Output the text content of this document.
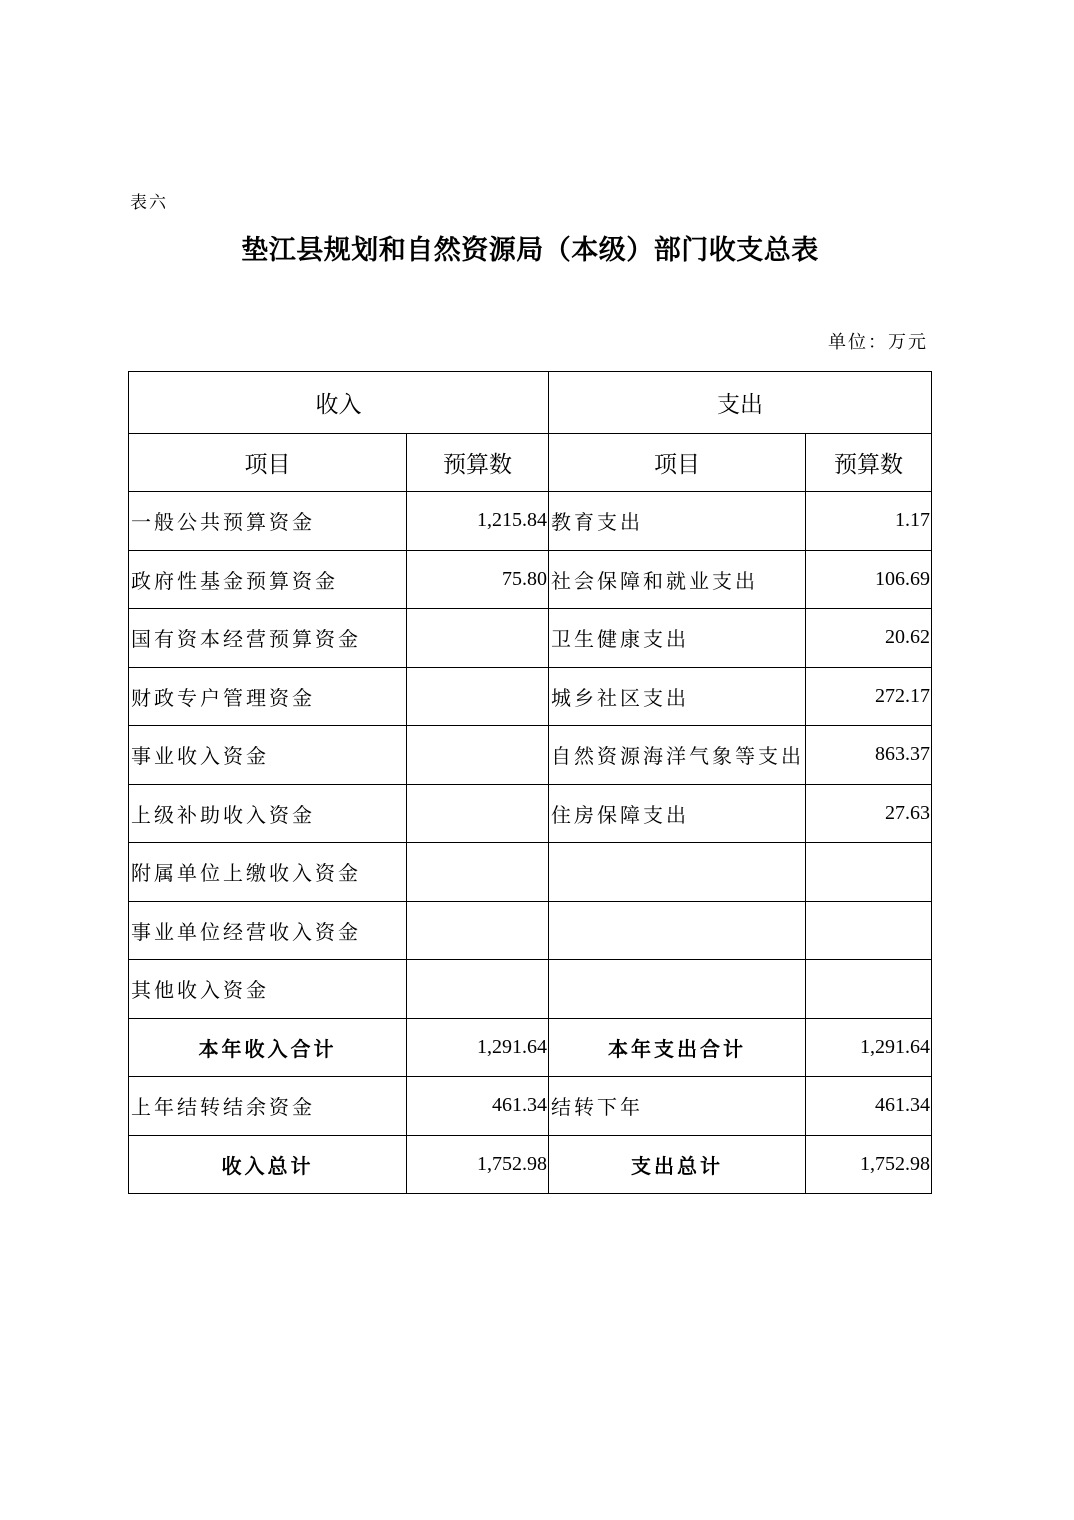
表六
垫江县规划和自然资源局（本级）部门收支总表
单位：万元
收入		支出	
项目	预算数	项目	预算数
一般公共预算资金	1,215.84	教育支出	1.17
政府性基金预算资金	75.80	社会保障和就业支出	106.69
国有资本经营预算资金		卫生健康支出	20.62
财政专户管理资金		城乡社区支出	272.17
事业收入资金		自然资源海洋气象等支出	863.37
上级补助收入资金		住房保障支出	27.63
附属单位上缴收入资金			
事业单位经营收入资金			
其他收入资金			
本年收入合计	1,291.64	本年支出合计	1,291.64
上年结转结余资金	461.34	结转下年	461.34
收入总计	1,752.98	支出总计	1,752.98
